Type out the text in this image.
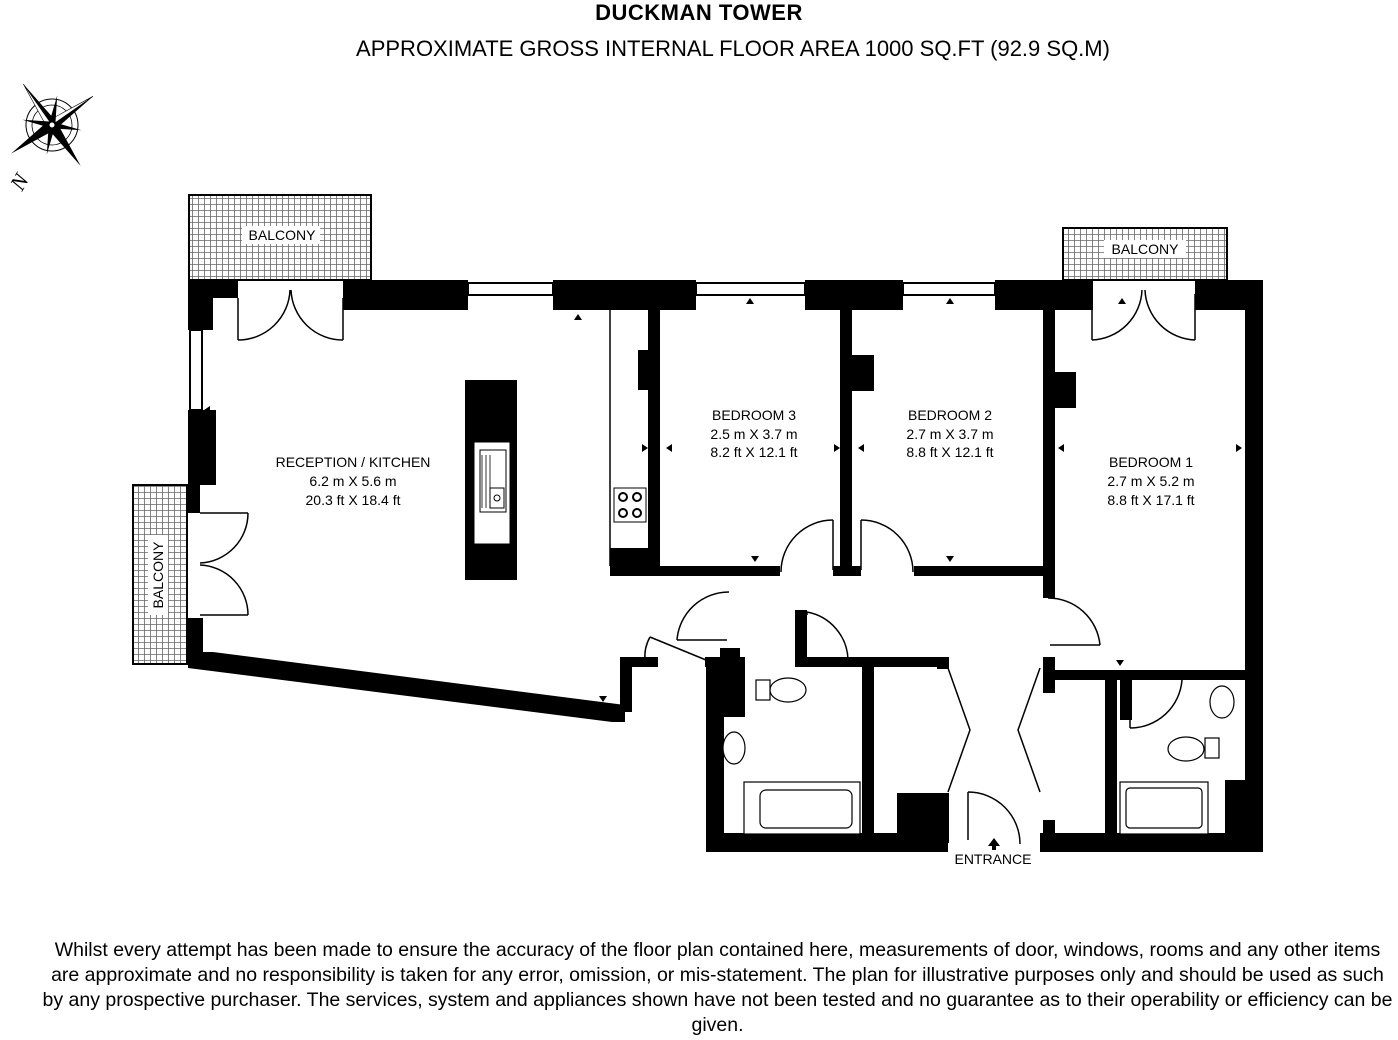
DUCKMAN TOWER
APPROXIMATE GROSS INTERNAL FLOOR AREA 1000 SQ.FT (92.9 SQ.M)
N
BALCONY
BALCONY
BALCONY
RECEPTION / KITCHEN
6.2 m X 5.6 m
20.3 ft X 18.4 ft
BEDROOM 3
2.5 m X 3.7 m
8.2 ft X 12.1 ft
BEDROOM 2
2.7 m X 3.7 m
8.8 ft X 12.1 ft
BEDROOM 1
2.7 m X 5.2 m
8.8 ft X 17.1 ft
ENTRANCE
Whilst every attempt has been made to ensure the accuracy of the floor plan contained here, measurements of door, windows, rooms and any other items are approximate and no responsibility is taken for any error, omission, or mis-statement. The plan for illustrative purposes only and should be used as such by any prospective purchaser. The services, system and appliances shown have not been tested and no guarantee as to their operability or efficiency can be given.
